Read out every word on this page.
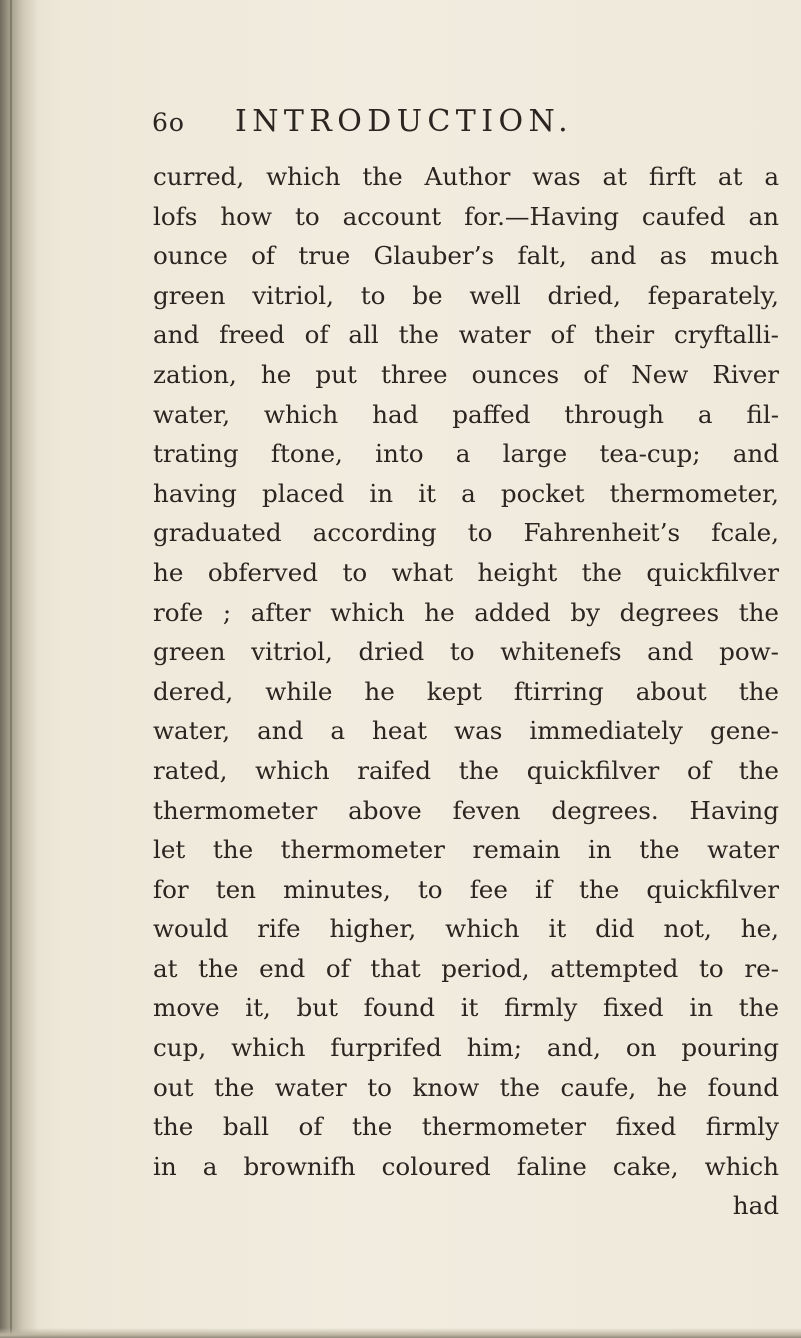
6o INTRODUCTION.
curred, which the Author was at firft at a
lofs how to account for.—Having caufed an
ounce of true Glauber’s falt, and as much
green vitriol, to be well dried, feparately,
and freed of all the water of their cryftalli-
zation, he put three ounces of New River
water, which had paffed through a fil-
trating ftone, into a large tea-cup; and
having placed in it a pocket thermometer,
graduated according to Fahrenheit’s fcale,
he obferved to what height the quickfilver
rofe ; after which he added by degrees the
green vitriol, dried to whitenefs and pow-
dered, while he kept ftirring about the
water, and a heat was immediately gene-
rated, which raifed the quickfilver of the
thermometer above feven degrees. Having
let the thermometer remain in the water
for ten minutes, to fee if the quickfilver
would rife higher, which it did not, he,
at the end of that period, attempted to re-
move it, but found it firmly fixed in the
cup, which furprifed him; and, on pouring
out the water to know the caufe, he found
the ball of the thermometer fixed firmly
in a brownifh coloured faline cake, which
had
